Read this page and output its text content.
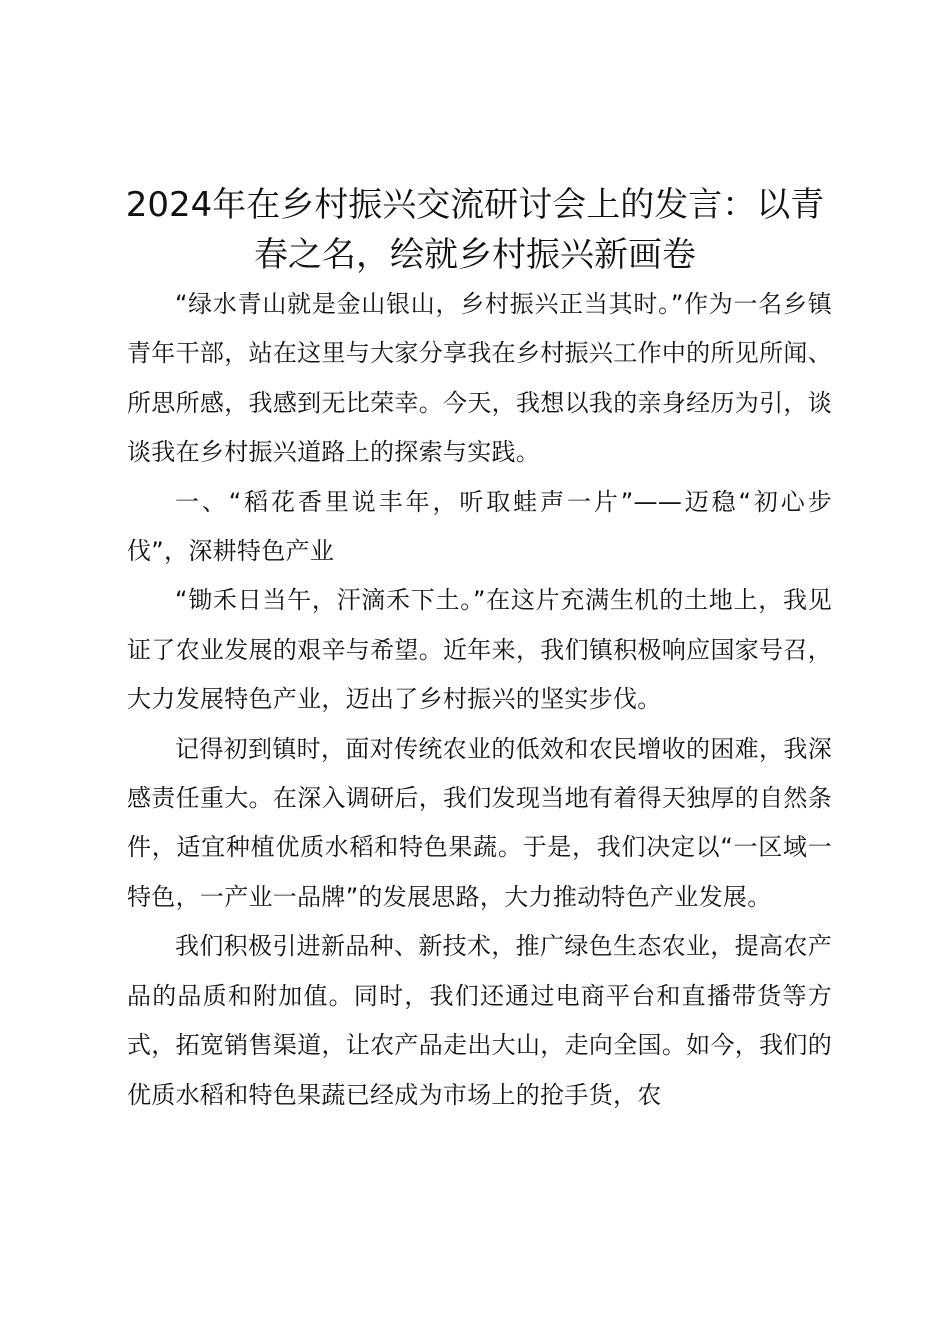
2024年在乡村振兴交流研讨会上的发言：以青春之名，绘就乡村振兴新画卷

“绿水青山就是金山银山，乡村振兴正当其时。”作为一名乡镇青年干部，站在这里与大家分享我在乡村振兴工作中的所见所闻、所思所感，我感到无比荣幸。今天，我想以我的亲身经历为引，谈谈我在乡村振兴道路上的探索与实践。

一、“稻花香里说丰年，听取蛙声一片”——迈稳“初心步伐”，深耕特色产业

“锄禾日当午，汗滴禾下土。”在这片充满生机的土地上，我见证了农业发展的艰辛与希望。近年来，我们镇积极响应国家号召，大力发展特色产业，迈出了乡村振兴的坚实步伐。

记得初到镇时，面对传统农业的低效和农民增收的困难，我深感责任重大。在深入调研后，我们发现当地有着得天独厚的自然条件，适宜种植优质水稻和特色果蔬。于是，我们决定以“一区域一特色，一产业一品牌”的发展思路，大力推动特色产业发展。

我们积极引进新品种、新技术，推广绿色生态农业，提高农产品的品质和附加值。同时，我们还通过电商平台和直播带货等方式，拓宽销售渠道，让农产品走出大山，走向全国。如今，我们的优质水稻和特色果蔬已经成为市场上的抢手货，农
